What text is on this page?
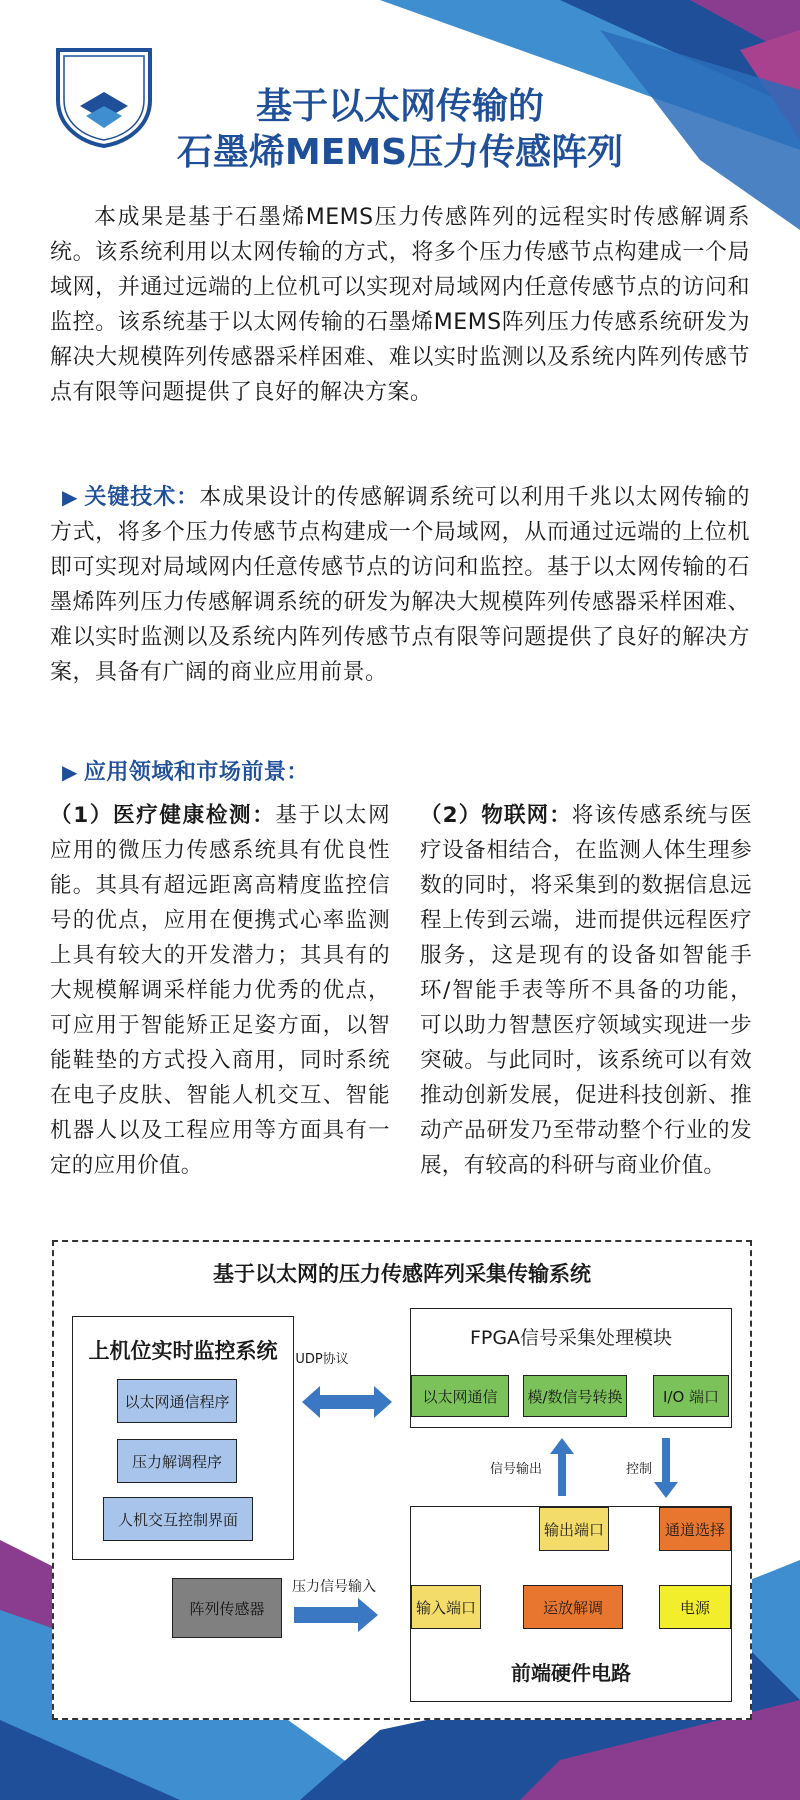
基于以太网传输的
石墨烯MEMS压力传感阵列
本成果是基于石墨烯MEMS压力传感阵列的远程实时传感解调系统。该系统利用以太网传输的方式，将多个压力传感节点构建成一个局域网，并通过远端的上位机可以实现对局域网内任意传感节点的访问和监控。该系统基于以太网传输的石墨烯MEMS阵列压力传感系统研发为解决大规模阵列传感器采样困难、难以实时监测以及系统内阵列传感节点有限等问题提供了良好的解决方案。
▶ 关键技术：本成果设计的传感解调系统可以利用千兆以太网传输的方式，将多个压力传感节点构建成一个局域网，从而通过远端的上位机即可实现对局域网内任意传感节点的访问和监控。基于以太网传输的石墨烯阵列压力传感解调系统的研发为解决大规模阵列传感器采样困难、难以实时监测以及系统内阵列传感节点有限等问题提供了良好的解决方案，具备有广阔的商业应用前景。
▶ 应用领域和市场前景：
（1）医疗健康检测：基于以太网应用的微压力传感系统具有优良性能。其具有超远距离高精度监控信号的优点，应用在便携式心率监测上具有较大的开发潜力；其具有的大规模解调采样能力优秀的优点，可应用于智能矫正足姿方面，以智能鞋垫的方式投入商用，同时系统在电子皮肤、智能人机交互、智能机器人以及工程应用等方面具有一定的应用价值。
（2）物联网：将该传感系统与医疗设备相结合，在监测人体生理参数的同时，将采集到的数据信息远程上传到云端，进而提供远程医疗服务，这是现有的设备如智能手环/智能手表等所不具备的功能，可以助力智慧医疗领域实现进一步突破。与此同时，该系统可以有效推动创新发展，促进科技创新、推动产品研发乃至带动整个行业的发展，有较高的科研与商业价值。
基于以太网的压力传感阵列采集传输系统
上机位实时监控系统
以太网通信程序
压力解调程序
人机交互控制界面
UDP协议
FPGA信号采集处理模块
以太网通信	模/数信号转换	I/O 端口
信号输出	控制
输出端口	通道选择
输入端口	运放解调	电源
前端硬件电路
阵列传感器
压力信号输入
